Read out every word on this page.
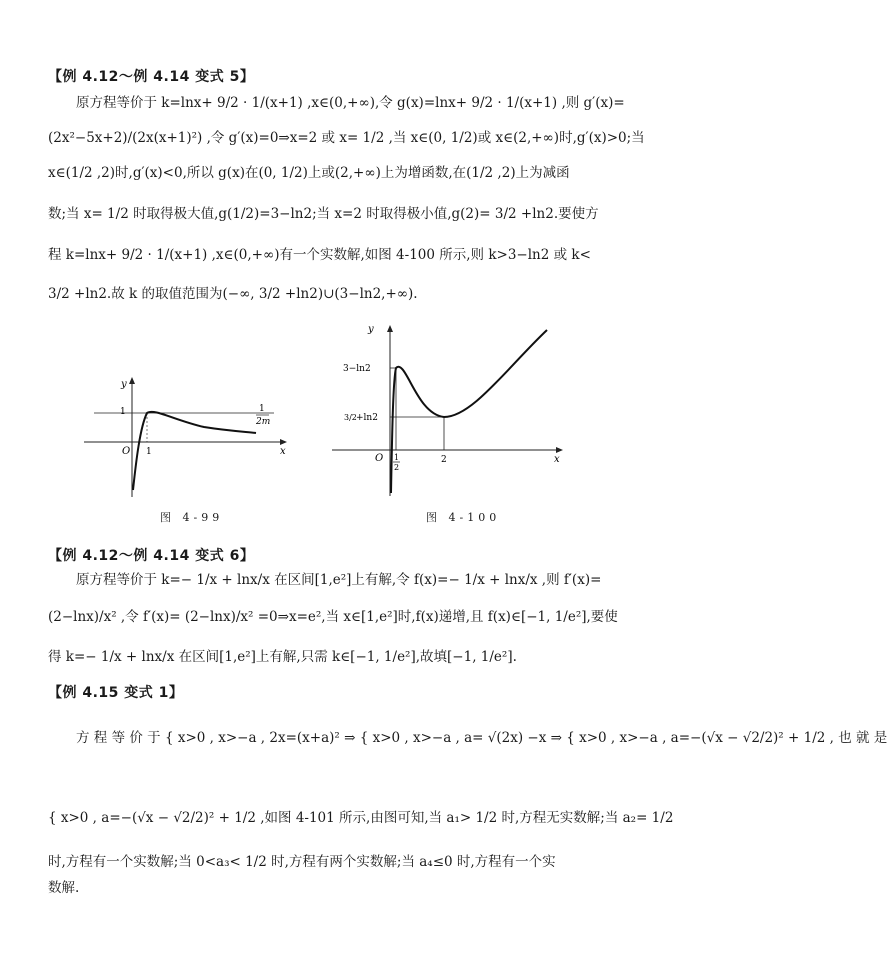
【例 4.12～例 4.14 变式 5】
原方程等价于 k=lnx+ 9/2 · 1/(x+1) ,x∈(0,+∞),令 g(x)=lnx+ 9/2 · 1/(x+1) ,则 g′(x)=
(2x²−5x+2)/(2x(x+1)²) ,令 g′(x)=0⇒x=2 或 x= 1/2 ,当 x∈(0, 1/2)或 x∈(2,+∞)时,g′(x)>0;当
x∈(1/2 ,2)时,g′(x)<0,所以 g(x)在(0, 1/2)上或(2,+∞)上为增函数,在(1/2 ,2)上为减函
数;当 x= 1/2 时取得极大值,g(1/2)=3−ln2;当 x=2 时取得极小值,g(2)= 3/2 +ln2.要使方
程 k=lnx+ 9/2 · 1/(x+1) ,x∈(0,+∞)有一个实数解,如图 4-100 所示,则 k>3−ln2 或 k<
3/2 +ln2.故 k 的取值范围为(−∞, 3/2 +ln2)∪(3−ln2,+∞).
y
x
O
1
1
1
2m
图 4-99
y
x
O
3−ln2
3/2 +ln2
1
2
2
图 4-100
【例 4.12～例 4.14 变式 6】
原方程等价于 k=− 1/x + lnx/x 在区间[1,e²]上有解,令 f(x)=− 1/x + lnx/x ,则 f′(x)=
(2−lnx)/x² ,令 f′(x)= (2−lnx)/x² =0⇒x=e²,当 x∈[1,e²]时,f(x)递增,且 f(x)∈[−1, 1/e²],要使
得 k=− 1/x + lnx/x 在区间[1,e²]上有解,只需 k∈[−1, 1/e²],故填[−1, 1/e²].
【例 4.15 变式 1】
方 程 等 价 于 { x>0 , x>−a , 2x=(x+a)² ⇒ { x>0 , x>−a , a= √(2x) −x ⇒ { x>0 , x>−a , a=−(√x − √2/2)² + 1/2 , 也 就 是
{ x>0 , a=−(√x − √2/2)² + 1/2 ,如图 4-101 所示,由图可知,当 a₁> 1/2 时,方程无实数解;当 a₂= 1/2
时,方程有一个实数解;当 0<a₃< 1/2 时,方程有两个实数解;当 a₄≤0 时,方程有一个实
数解.
